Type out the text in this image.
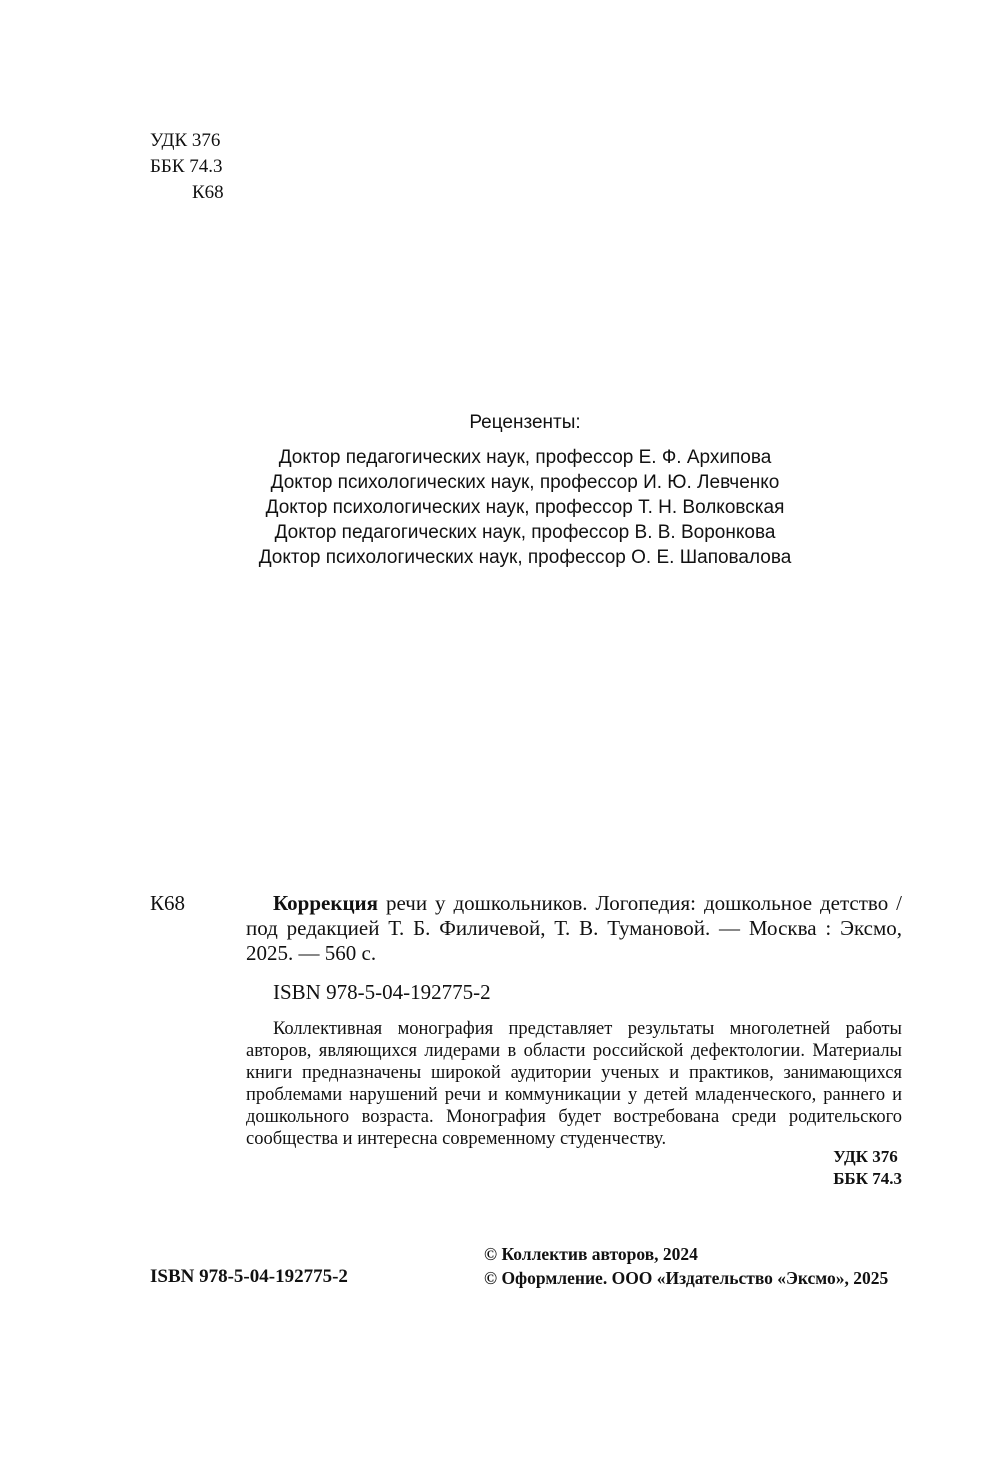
УДК 376
ББК 74.3
К68
Рецензенты:
Доктор педагогических наук, профессор Е. Ф. Архипова
Доктор психологических наук, профессор И. Ю. Левченко
Доктор психологических наук, профессор Т. Н. Волковская
Доктор педагогических наук, профессор В. В. Воронкова
Доктор психологических наук, профессор О. Е. Шаповалова
К68	Коррекция речи у дошкольников. Логопедия: дошкольное детство / под редакцией Т. Б. Филичевой, Т. В. Тумановой. — Москва : Эксмо, 2025. — 560 с.
ISBN 978-5-04-192775-2
Коллективная монография представляет результаты многолетней работы авторов, являющихся лидерами в области российской дефектологии. Материалы книги предназначены широкой аудитории ученых и практиков, занимающихся проблемами нарушений речи и коммуникации у детей младенческого, раннего и дошкольного возраста. Монография будет востребована среди родительского сообщества и интересна современному студенчеству.
УДК 376
ББК 74.3
ISBN 978-5-04-192775-2
© Коллектив авторов, 2024
© Оформление. ООО «Издательство «Эксмо», 2025
